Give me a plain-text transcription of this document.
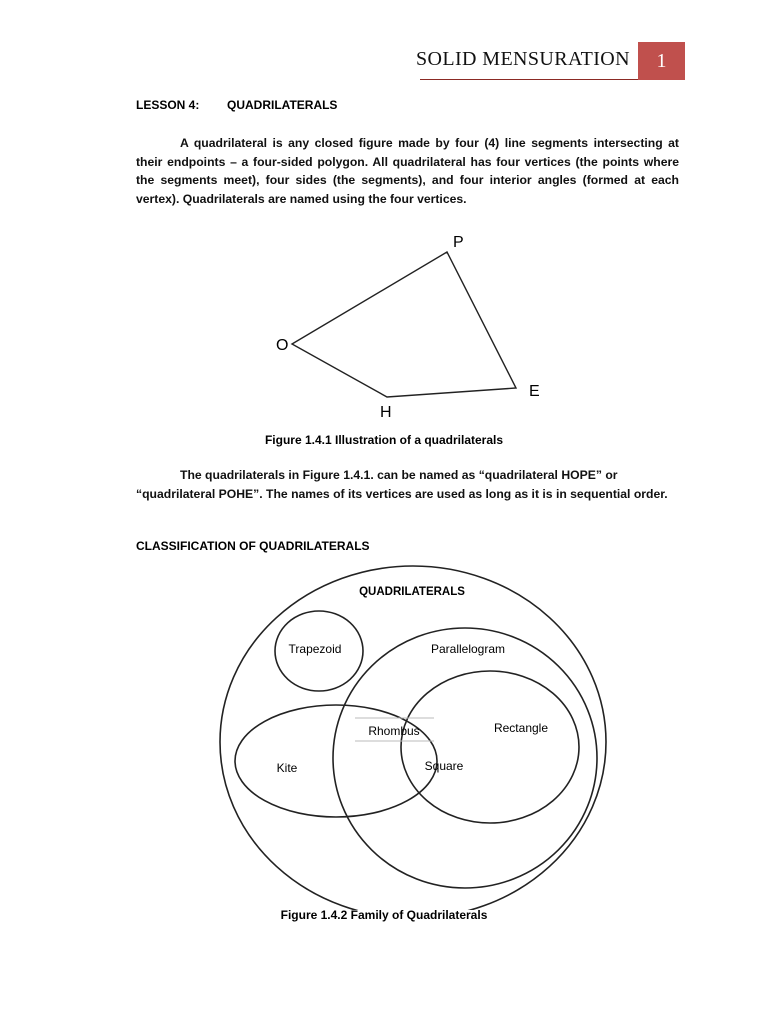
SOLID MENSURATION	1
LESSON 4: QUADRILATERALS

A quadrilateral is any closed figure made by four (4) line segments intersecting at their endpoints – a four-sided polygon. All quadrilateral has four vertices (the points where the segments meet), four sides (the segments), and four interior angles (formed at each vertex). Quadrilaterals are named using the four vertices.

P
O
H
E
Figure 1.4.1 Illustration of a quadrilaterals

The quadrilaterals in Figure 1.4.1. can be named as “quadrilateral HOPE” or “quadrilateral POHE”. The names of its vertices are used as long as it is in sequential order.

CLASSIFICATION OF QUADRILATERALS
QUADRILATERALS
Trapezoid	Parallelogram
Rhombus	Rectangle
Kite	Square
Figure 1.4.2 Family of Quadrilaterals
